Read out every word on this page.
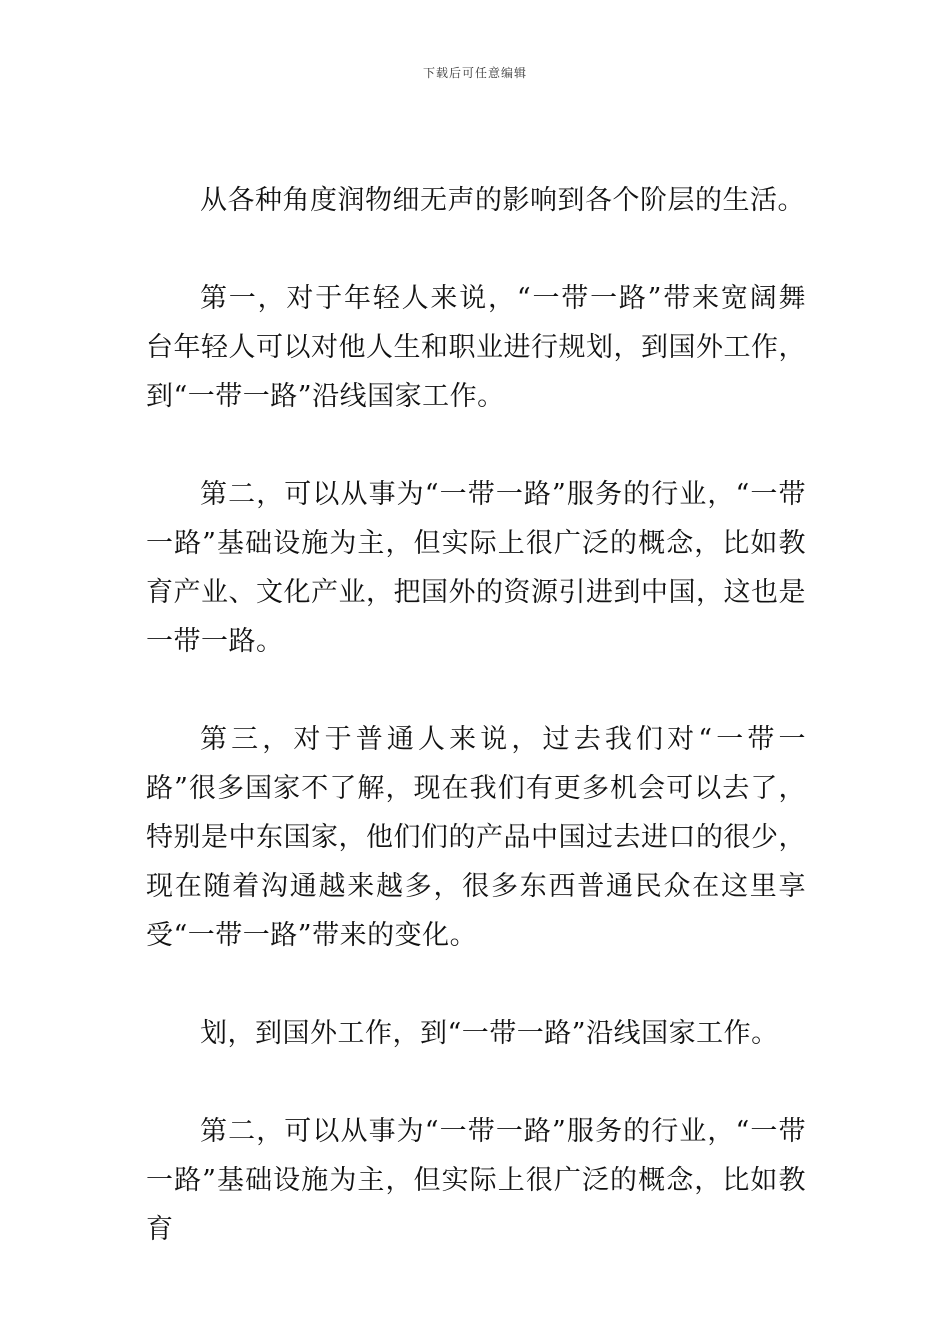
下载后可任意编辑

从各种角度润物细无声的影响到各个阶层的生活。

第一，对于年轻人来说，“一带一路”带来宽阔舞台年轻人可以对他人生和职业进行规划，到国外工作，到“一带一路”沿线国家工作。

第二，可以从事为“一带一路”服务的行业，“一带一路”基础设施为主，但实际上很广泛的概念，比如教育产业、文化产业，把国外的资源引进到中国，这也是一带一路。

第三，对于普通人来说，过去我们对“一带一路”很多国家不了解，现在我们有更多机会可以去了，特别是中东国家，他们们的产品中国过去进口的很少，现在随着沟通越来越多，很多东西普通民众在这里享受“一带一路”带来的变化。

划，到国外工作，到“一带一路”沿线国家工作。

第二，可以从事为“一带一路”服务的行业，“一带一路”基础设施为主，但实际上很广泛的概念，比如教育
